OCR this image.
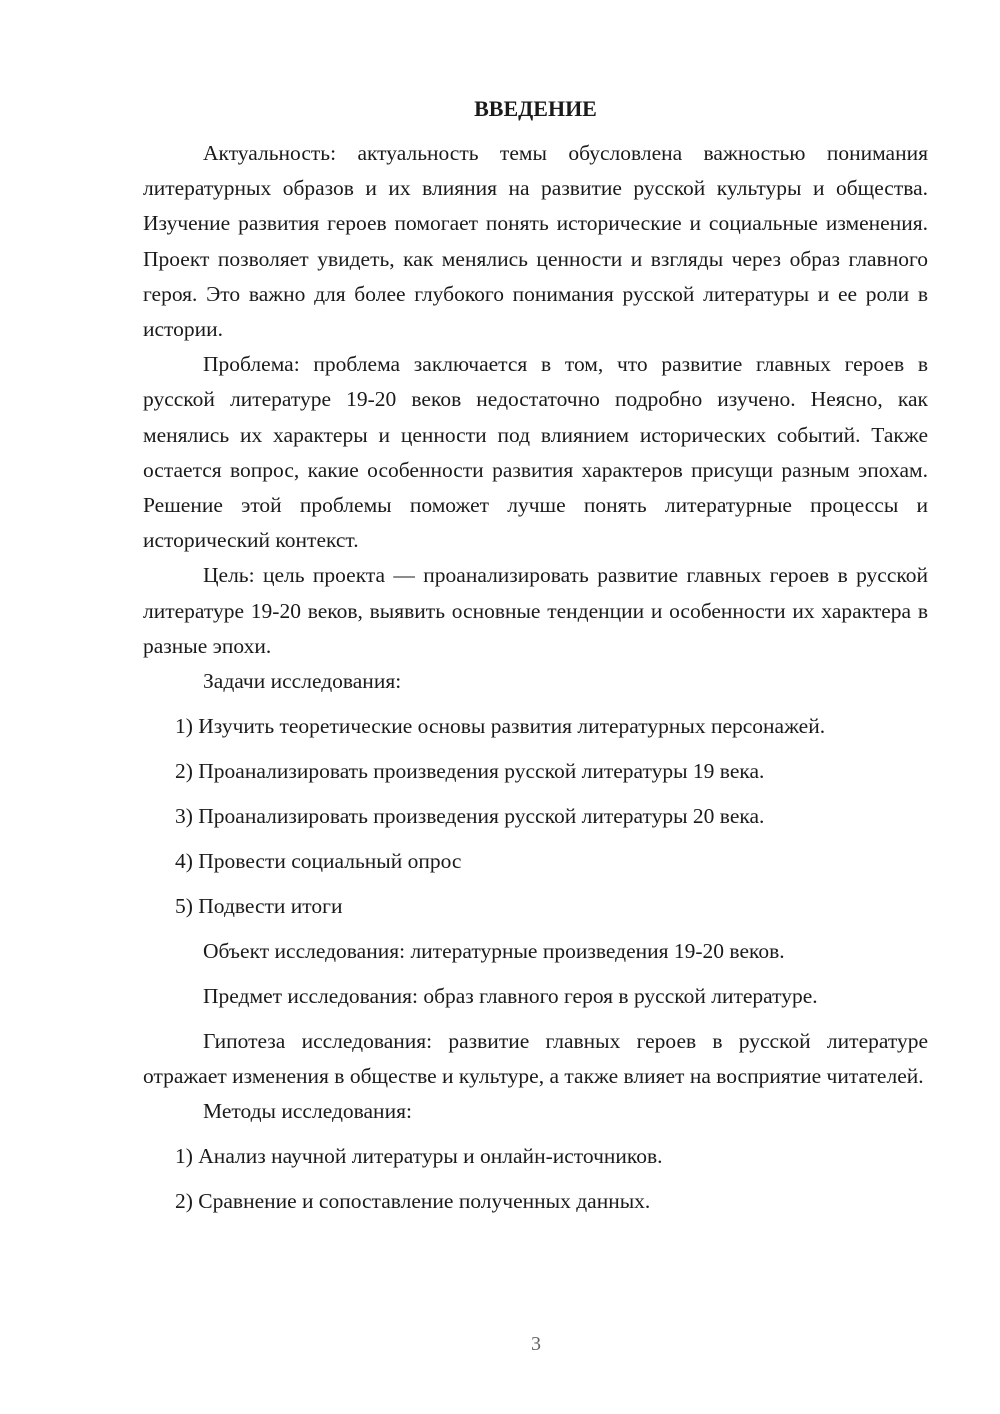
ВВЕДЕНИЕ

Актуальность: актуальность темы обусловлена важностью понимания литературных образов и их влияния на развитие русской культуры и общества. Изучение развития героев помогает понять исторические и социальные изменения. Проект позволяет увидеть, как менялись ценности и взгляды через образ главного героя. Это важно для более глубокого понимания русской литературы и ее роли в истории.

Проблема: проблема заключается в том, что развитие главных героев в русской литературе 19-20 веков недостаточно подробно изучено. Неясно, как менялись их характеры и ценности под влиянием исторических событий. Также остается вопрос, какие особенности развития характеров присущи разным эпохам. Решение этой проблемы поможет лучше понять литературные процессы и исторический контекст.

Цель: цель проекта — проанализировать развитие главных героев в русской литературе 19-20 веков, выявить основные тенденции и особенности их характера в разные эпохи.

Задачи исследования:

1) Изучить теоретические основы развития литературных персонажей.

2) Проанализировать произведения русской литературы 19 века.

3) Проанализировать произведения русской литературы 20 века.

4) Провести социальный опрос

5) Подвести итоги

Объект исследования: литературные произведения 19-20 веков.

Предмет исследования: образ главного героя в русской литературе.

Гипотеза исследования: развитие главных героев в русской литературе отражает изменения в обществе и культуре, а также влияет на восприятие читателей.

Методы исследования:

1) Анализ научной литературы и онлайн-источников.

2) Сравнение и сопоставление полученных данных.

3
